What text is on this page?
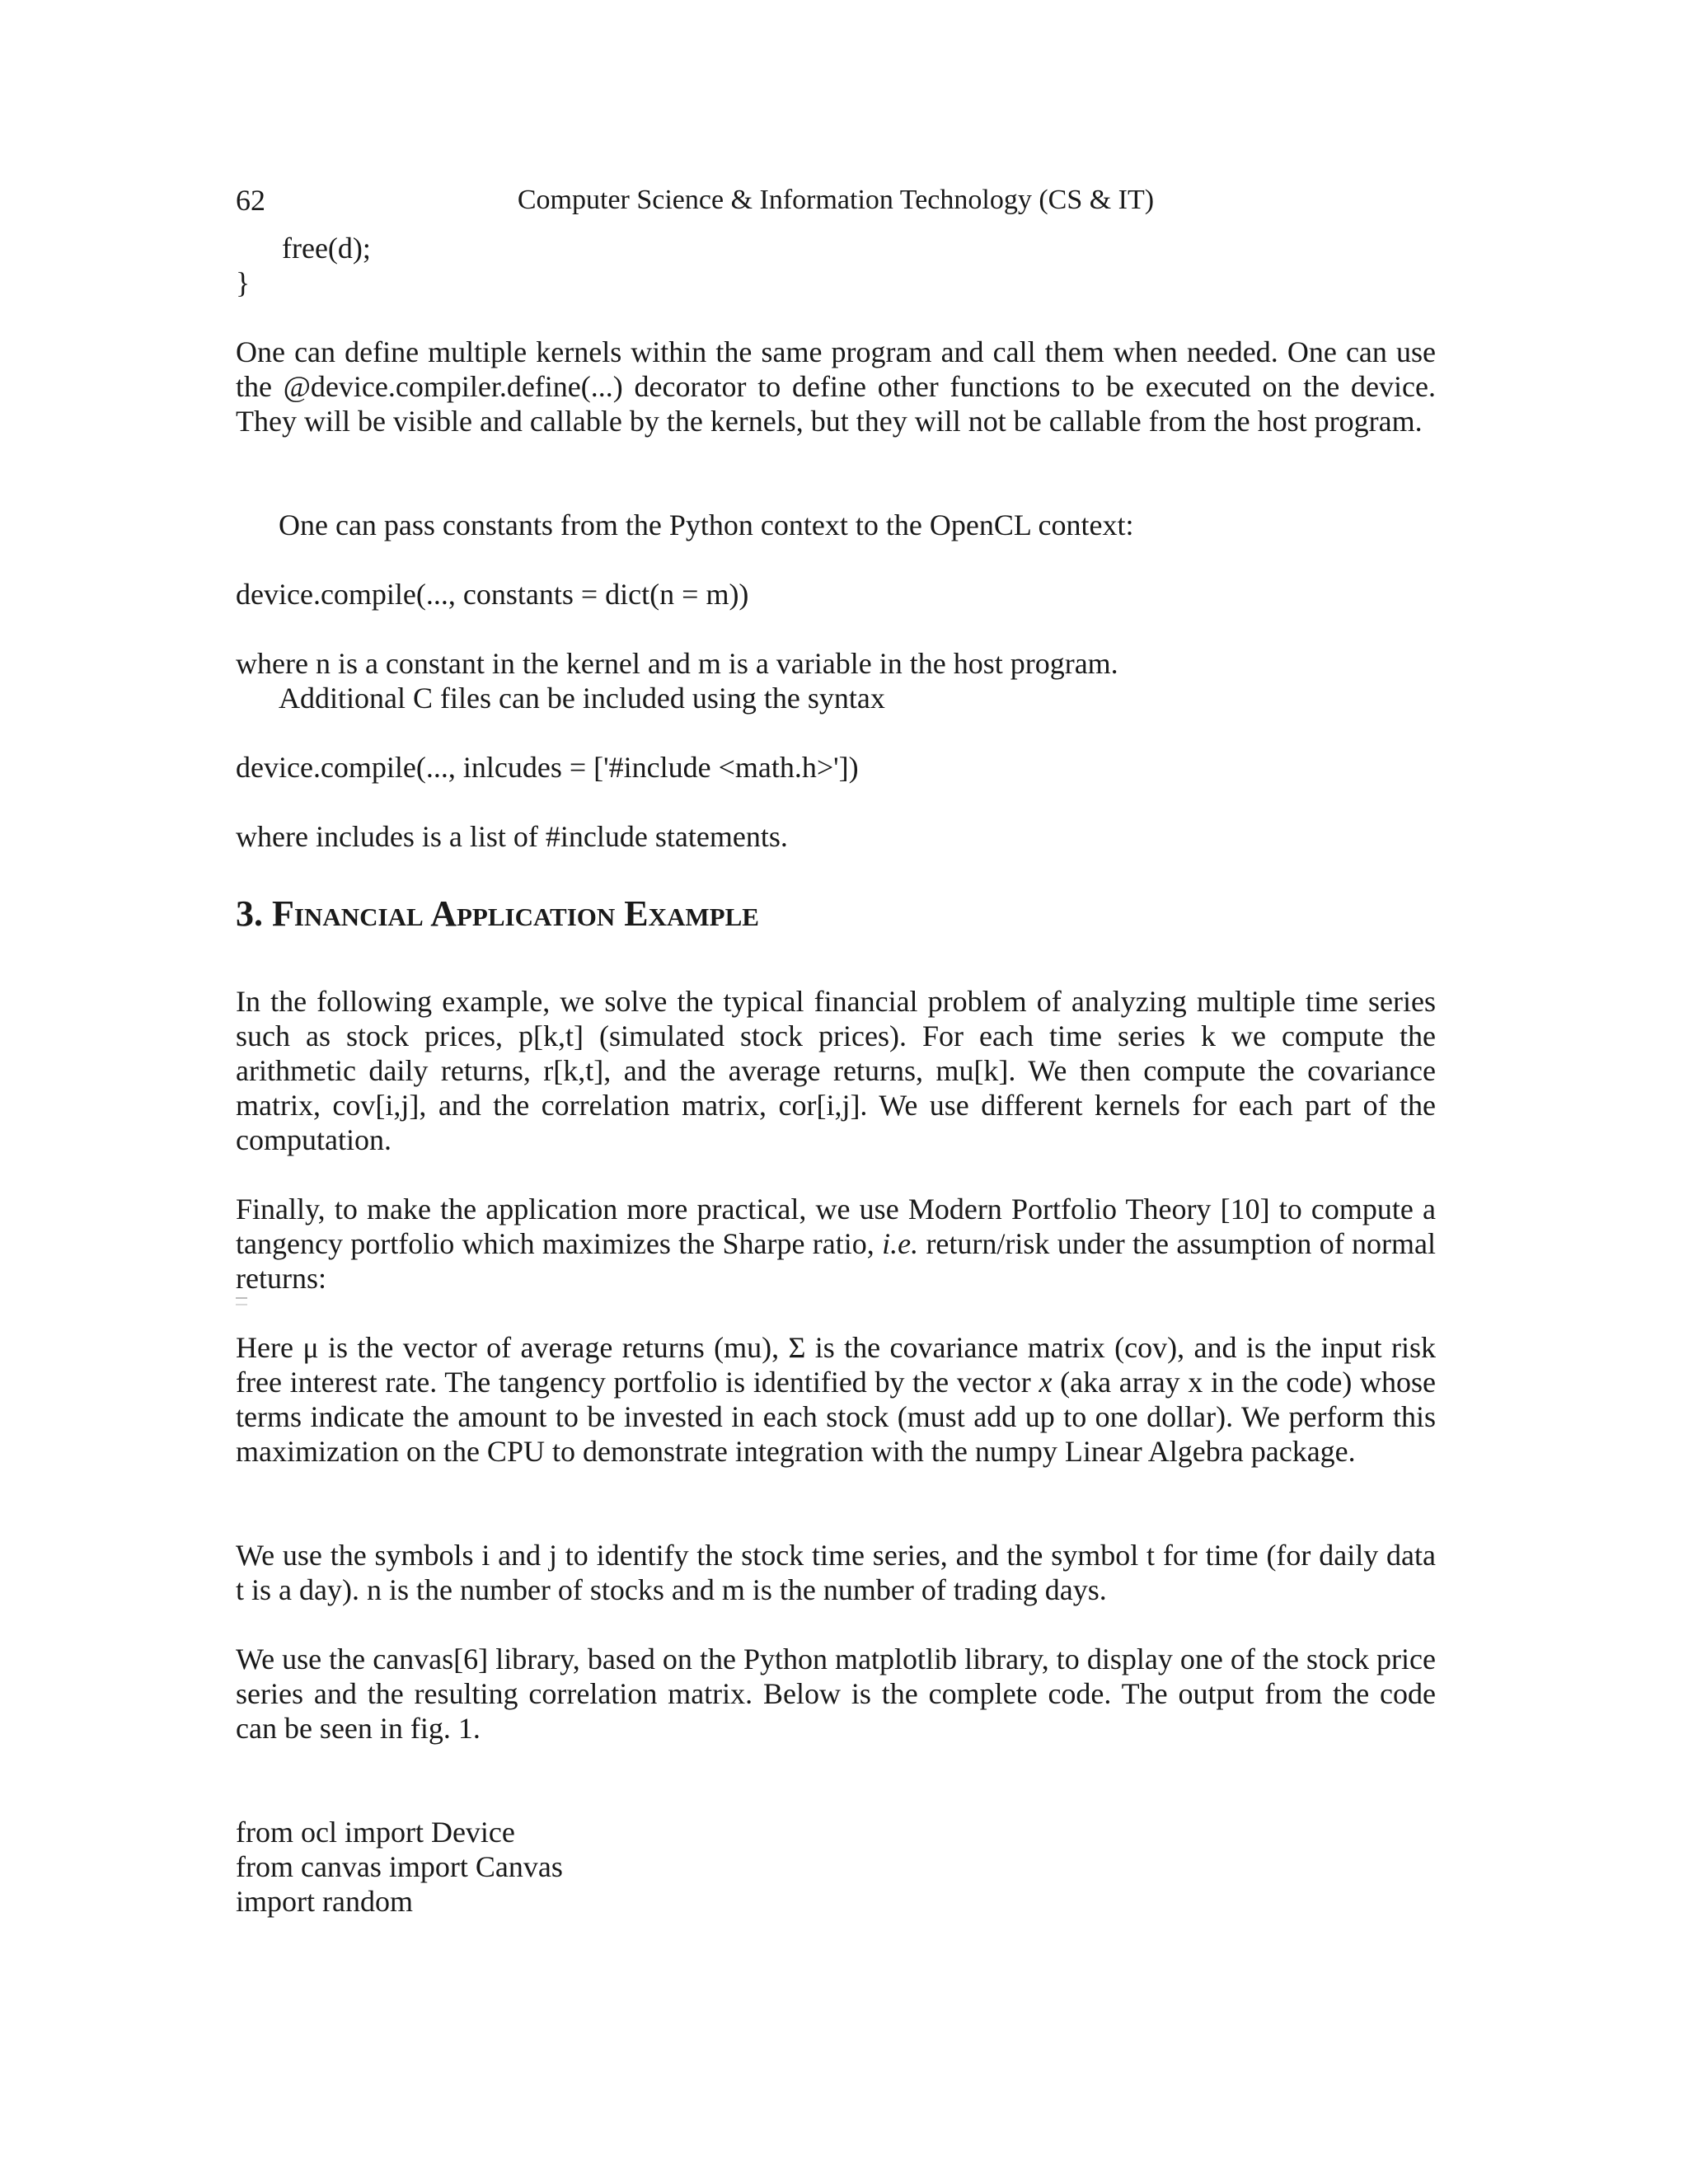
62	Computer Science & Information Technology (CS & IT)
free(d);
}

One can define multiple kernels within the same program and call them when needed. One can use the @device.compiler.define(...) decorator to define other functions to be executed on the device. They will be visible and callable by the kernels, but they will not be callable from the host program.

One can pass constants from the Python context to the OpenCL context:

device.compile(..., constants = dict(n = m))

where n is a constant in the kernel and m is a variable in the host program.

Additional C files can be included using the syntax

device.compile(..., inlcudes = ['#include <math.h>'])

where includes is a list of #include statements.

3. Financial Application Example

In the following example, we solve the typical financial problem of analyzing multiple time series such as stock prices, p[k,t] (simulated stock prices). For each time series k we compute the arithmetic daily returns, r[k,t], and the average returns, mu[k]. We then compute the covariance matrix, cov[i,j], and the correlation matrix, cor[i,j]. We use different kernels for each part of the computation.

Finally, to make the application more practical, we use Modern Portfolio Theory [10] to compute a tangency portfolio which maximizes the Sharpe ratio, i.e. return/risk under the assumption of normal returns:

Here μ is the vector of average returns (mu), Σ is the covariance matrix (cov), and is the input risk free interest rate. The tangency portfolio is identified by the vector x (aka array x in the code) whose terms indicate the amount to be invested in each stock (must add up to one dollar). We perform this maximization on the CPU to demonstrate integration with the numpy Linear Algebra package.

We use the symbols i and j to identify the stock time series, and the symbol t for time (for daily data t is a day). n is the number of stocks and m is the number of trading days.

We use the canvas[6] library, based on the Python matplotlib library, to display one of the stock price series and the resulting correlation matrix. Below is the complete code. The output from the code can be seen in fig. 1.

from ocl import Device
from canvas import Canvas
import random
